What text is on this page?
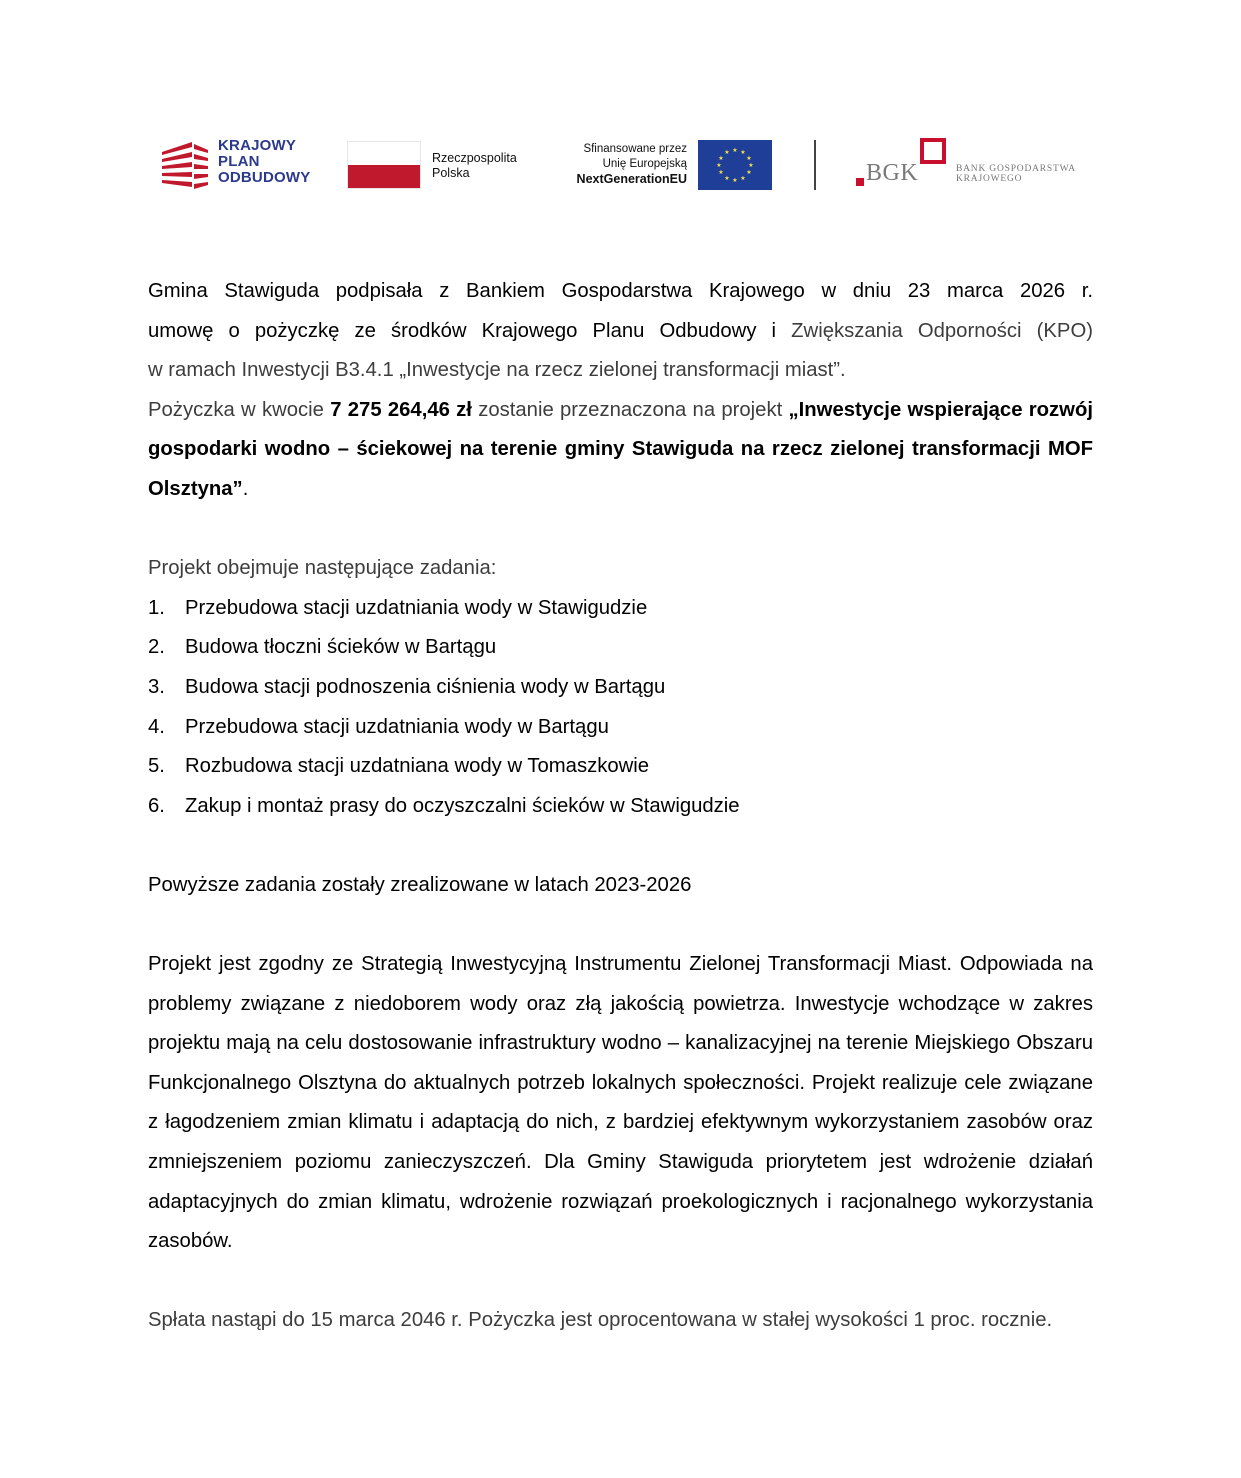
KRAJOWY
PLAN
ODBUDOWY
Rzeczpospolita
Polska
Sfinansowane przez
Unię Europejską
NextGenerationEU
★ ★
★
★
★
★
★
★
★
★
★
★
BGK	BANK GOSPODARSTWA
KRAJOWEGO

Gmina Stawiguda podpisała z Bankiem Gospodarstwa Krajowego w dniu 23 marca 2026 r.

umowę o pożyczkę ze środków Krajowego Planu Odbudowy i Zwiększania Odporności (KPO)

w ramach Inwestycji B3.4.1 „Inwestycje na rzecz zielonej transformacji miast”.

Pożyczka w kwocie 7 275 264,46 zł zostanie przeznaczona na projekt „Inwestycje wspierające rozwój gospodarki wodno – ściekowej na terenie gminy Stawiguda na rzecz zielonej transformacji MOF Olsztyna”.

Projekt obejmuje następujące zadania:

1. Przebudowa stacji uzdatniania wody w Stawigudzie
2. Budowa tłoczni ścieków w Bartągu
3. Budowa stacji podnoszenia ciśnienia wody w Bartągu
4. Przebudowa stacji uzdatniania wody w Bartągu
5. Rozbudowa stacji uzdatniana wody w Tomaszkowie
6. Zakup i montaż prasy do oczyszczalni ścieków w Stawigudzie

Powyższe zadania zostały zrealizowane w latach 2023-2026

Projekt jest zgodny ze Strategią Inwestycyjną Instrumentu Zielonej Transformacji Miast. Odpowiada na problemy związane z niedoborem wody oraz złą jakością powietrza. Inwestycje wchodzące w zakres projektu mają na celu dostosowanie infrastruktury wodno – kanalizacyjnej na terenie Miejskiego Obszaru Funkcjonalnego Olsztyna do aktualnych potrzeb lokalnych społeczności. Projekt realizuje cele związane z łagodzeniem zmian klimatu i adaptacją do nich, z bardziej efektywnym wykorzystaniem zasobów oraz zmniejszeniem poziomu zanieczyszczeń. Dla Gminy Stawiguda priorytetem jest wdrożenie działań adaptacyjnych do zmian klimatu, wdrożenie rozwiązań proekologicznych i racjonalnego wykorzystania zasobów.

Spłata nastąpi do 15 marca 2046 r. Pożyczka jest oprocentowana w stałej wysokości 1 proc. rocznie.
